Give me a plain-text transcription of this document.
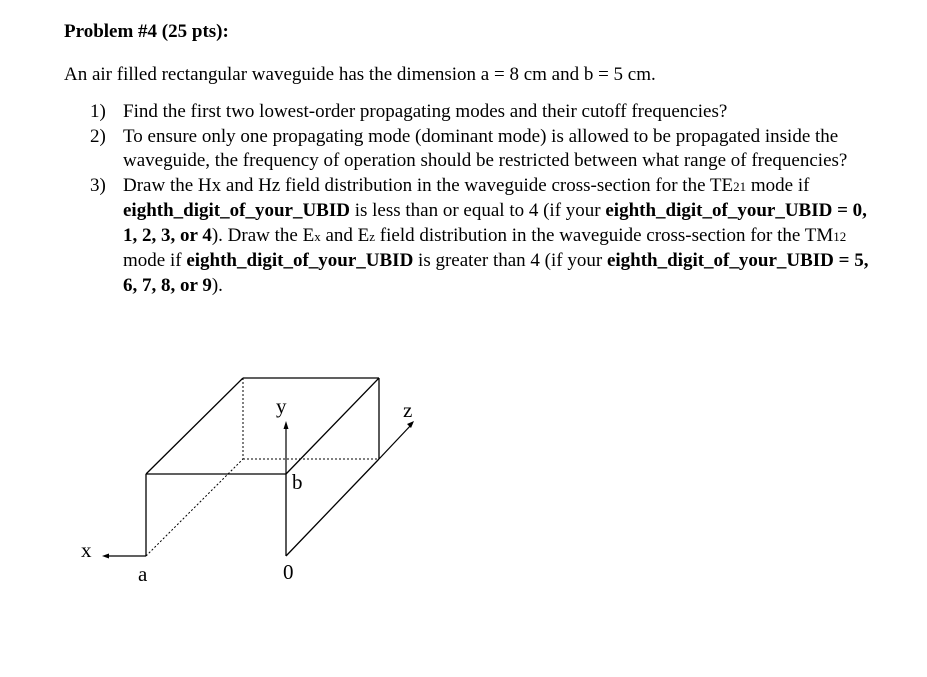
Problem #4 (25 pts):
An air filled rectangular waveguide has the dimension a = 8 cm and b = 5 cm.
1) Find the first two lowest-order propagating modes and their cutoff frequencies?
2) To ensure only one propagating mode (dominant mode) is allowed to be propagated inside the waveguide, the frequency of operation should be restricted between what range of frequencies?
3) Draw the Hx and Hz field distribution in the waveguide cross-section for the TE21 mode if eighth_digit_of_your_UBID is less than or equal to 4 (if your eighth_digit_of_your_UBID = 0, 1, 2, 3, or 4). Draw the Ex and Ez field distribution in the waveguide cross-section for the TM12 mode if eighth_digit_of_your_UBID is greater than 4 (if your eighth_digit_of_your_UBID = 5, 6, 7, 8, or 9).
y	z
b
x
a	0
